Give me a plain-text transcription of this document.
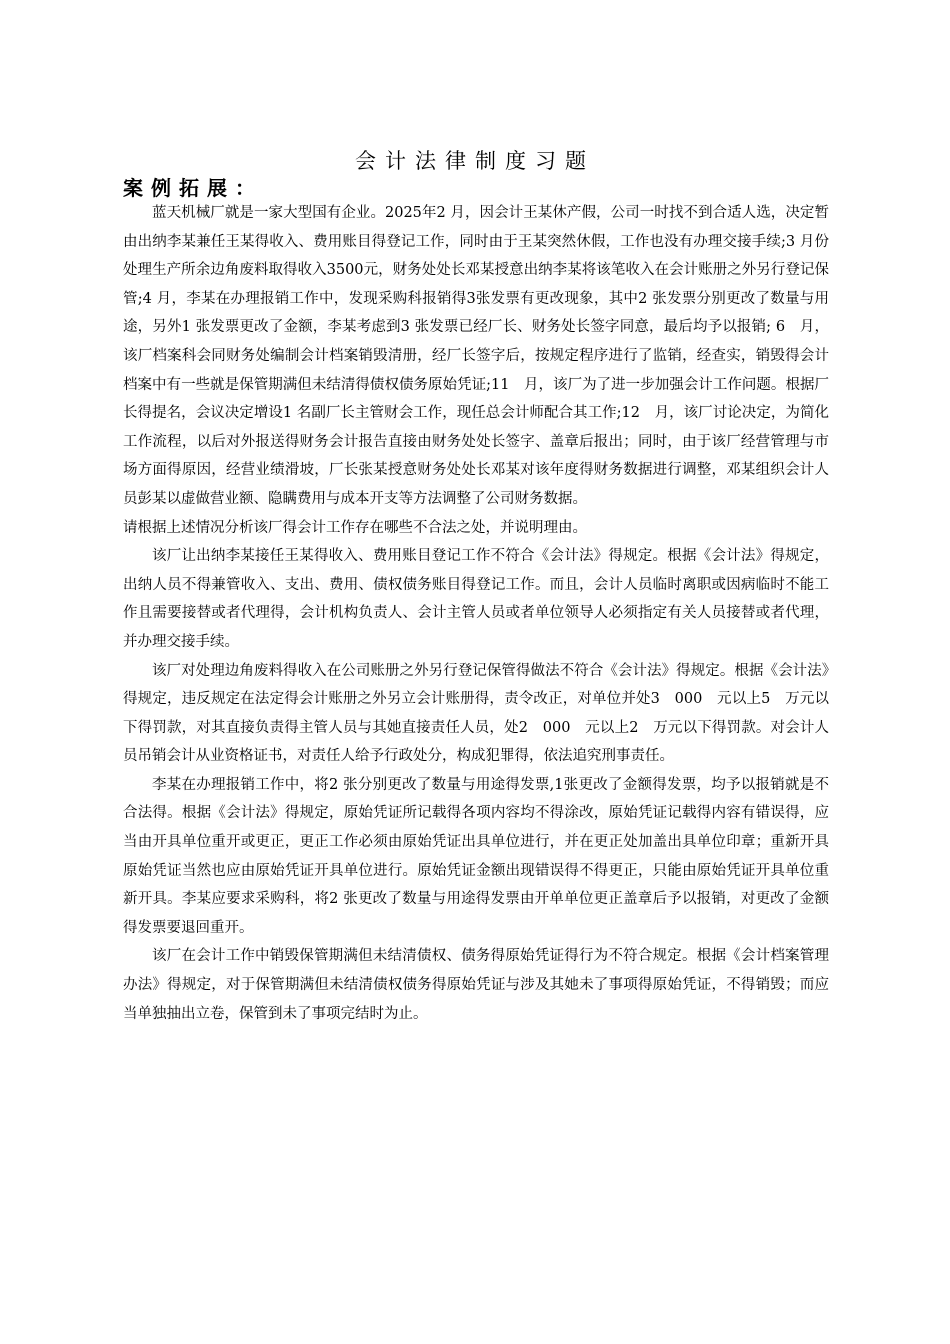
会计法律制度习题
案例拓展：

蓝天机械厂就是一家大型国有企业。2025年2 月，因会计王某休产假，公司一时找不到合适人选，决定暂由出纳李某兼任王某得收入、费用账目得登记工作，同时由于王某突然休假，工作也没有办理交接手续;3 月份处理生产所余边角废料取得收入3500元，财务处处长邓某授意出纳李某将该笔收入在会计账册之外另行登记保管;4 月，李某在办理报销工作中，发现采购科报销得3张发票有更改现象，其中2 张发票分别更改了数量与用途，另外1 张发票更改了金额，李某考虑到3 张发票已经厂长、财务处长签字同意，最后均予以报销; 6　月，该厂档案科会同财务处编制会计档案销毁清册，经厂长签字后，按规定程序进行了监销，经查实，销毁得会计档案中有一些就是保管期满但未结清得债权债务原始凭证;11　月，该厂为了进一步加强会计工作问题。根据厂长得提名，会议决定增设1 名副厂长主管财会工作，现任总会计师配合其工作;12　月，该厂讨论决定，为简化工作流程，以后对外报送得财务会计报告直接由财务处处长签字、盖章后报出；同时，由于该厂经营管理与市场方面得原因，经营业绩滑坡，厂长张某授意财务处处长邓某对该年度得财务数据进行调整，邓某组织会计人员彭某以虚做营业额、隐瞒费用与成本开支等方法调整了公司财务数据。

请根据上述情况分析该厂得会计工作存在哪些不合法之处，并说明理由。

该厂让出纳李某接任王某得收入、费用账目登记工作不符合《会计法》得规定。根据《会计法》得规定，出纳人员不得兼管收入、支出、费用、债权债务账目得登记工作。而且，会计人员临时离职或因病临时不能工作且需要接替或者代理得，会计机构负责人、会计主管人员或者单位领导人必须指定有关人员接替或者代理，并办理交接手续。

该厂对处理边角废料得收入在公司账册之外另行登记保管得做法不符合《会计法》得规定。根据《会计法》得规定，违反规定在法定得会计账册之外另立会计账册得，责令改正，对单位并处3　000　元以上5　万元以下得罚款，对其直接负责得主管人员与其她直接责任人员，处2　000　元以上2　万元以下得罚款。对会计人员吊销会计从业资格证书，对责任人给予行政处分，构成犯罪得，依法追究刑事责任。

李某在办理报销工作中，将2 张分别更改了数量与用途得发票,1张更改了金额得发票，均予以报销就是不合法得。根据《会计法》得规定，原始凭证所记载得各项内容均不得涂改，原始凭证记载得内容有错误得，应当由开具单位重开或更正，更正工作必须由原始凭证出具单位进行，并在更正处加盖出具单位印章；重新开具原始凭证当然也应由原始凭证开具单位进行。原始凭证金额出现错误得不得更正，只能由原始凭证开具单位重新开具。李某应要求采购科，将2 张更改了数量与用途得发票由开单单位更正盖章后予以报销，对更改了金额得发票要退回重开。

该厂在会计工作中销毁保管期满但未结清债权、债务得原始凭证得行为不符合规定。根据《会计档案管理办法》得规定，对于保管期满但未结清债权债务得原始凭证与涉及其她未了事项得原始凭证，不得销毁；而应当单独抽出立卷，保管到未了事项完结时为止。
